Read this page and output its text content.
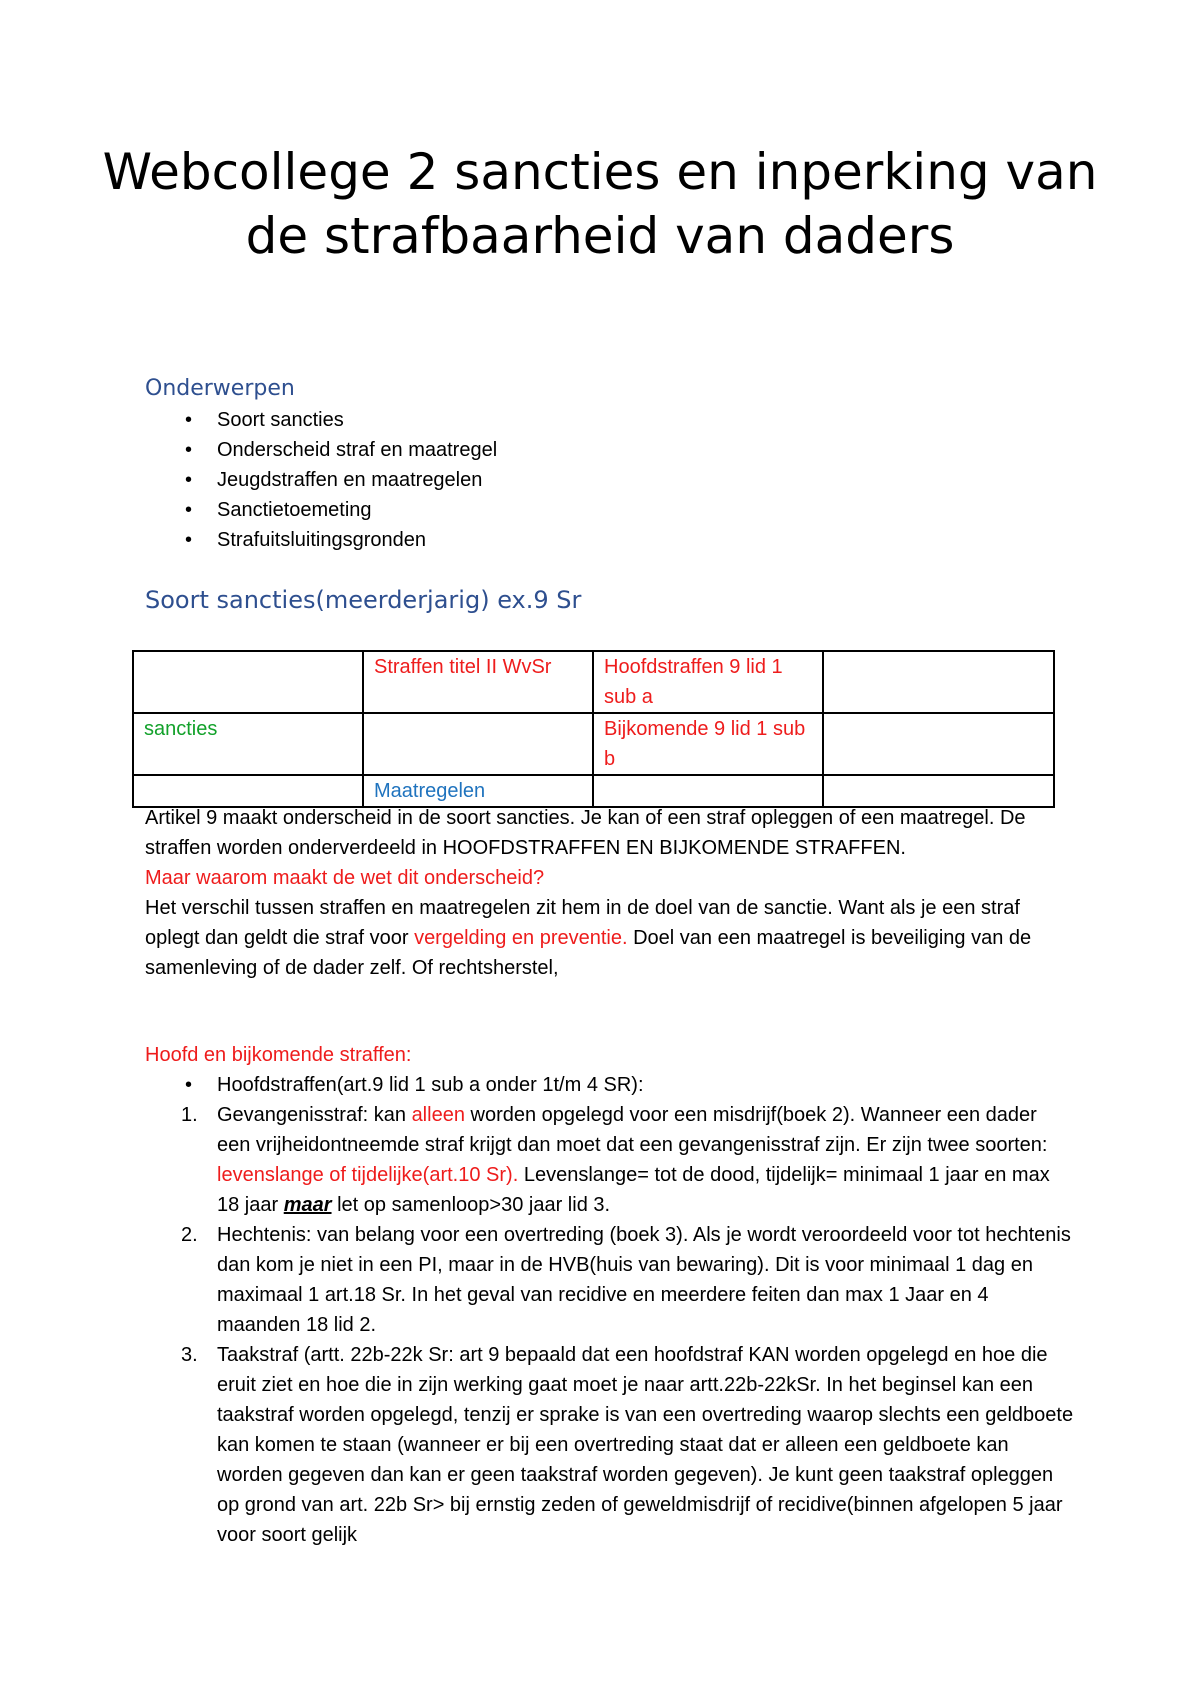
Webcollege 2 sancties en inperking van de strafbaarheid van daders
Onderwerpen
• Soort sancties
• Onderscheid straf en maatregel
• Jeugdstraffen en maatregelen
• Sanctietoemeting
• Strafuitsluitingsgronden
Soort sancties(meerderjarig) ex.9 Sr
	Straffen titel II WvSr	Hoofdstraffen 9 lid 1 sub a	
sancties		Bijkomende 9 lid 1 sub b	
	Maatregelen		
Artikel 9 maakt onderscheid in de soort sancties. Je kan of een straf opleggen of een maatregel. De straffen worden onderverdeeld in HOOFDSTRAFFEN EN BIJKOMENDE STRAFFEN.
Maar waarom maakt de wet dit onderscheid?
Het verschil tussen straffen en maatregelen zit hem in de doel van de sanctie. Want als je een straf oplegt dan geldt die straf voor vergelding en preventie. Doel van een maatregel is beveiliging van de samenleving of de dader zelf. Of rechtsherstel,
Hoofd en bijkomende straffen:
• Hoofdstraffen(art.9 lid 1 sub a onder 1t/m 4 SR):
1. Gevangenisstraf: kan alleen worden opgelegd voor een misdrijf(boek 2). Wanneer een dader een vrijheidontneemde straf krijgt dan moet dat een gevangenisstraf zijn. Er zijn twee soorten: levenslange of tijdelijke(art.10 Sr). Levenslange= tot de dood, tijdelijk= minimaal 1 jaar en max 18 jaar maar let op samenloop>30 jaar lid 3.
2. Hechtenis: van belang voor een overtreding (boek 3). Als je wordt veroordeeld voor tot hechtenis dan kom je niet in een PI, maar in de HVB(huis van bewaring). Dit is voor minimaal 1 dag en maximaal 1 art.18 Sr. In het geval van recidive en meerdere feiten dan max 1 Jaar en 4 maanden 18 lid 2.
3. Taakstraf (artt. 22b-22k Sr: art 9 bepaald dat een hoofdstraf KAN worden opgelegd en hoe die eruit ziet en hoe die in zijn werking gaat moet je naar artt.22b-22kSr. In het beginsel kan een taakstraf worden opgelegd, tenzij er sprake is van een overtreding waarop slechts een geldboete kan komen te staan (wanneer er bij een overtreding staat dat er alleen een geldboete kan worden gegeven dan kan er geen taakstraf worden gegeven). Je kunt geen taakstraf opleggen op grond van art. 22b Sr> bij ernstig zeden of geweldmisdrijf of recidive(binnen afgelopen 5 jaar voor soort gelijk
